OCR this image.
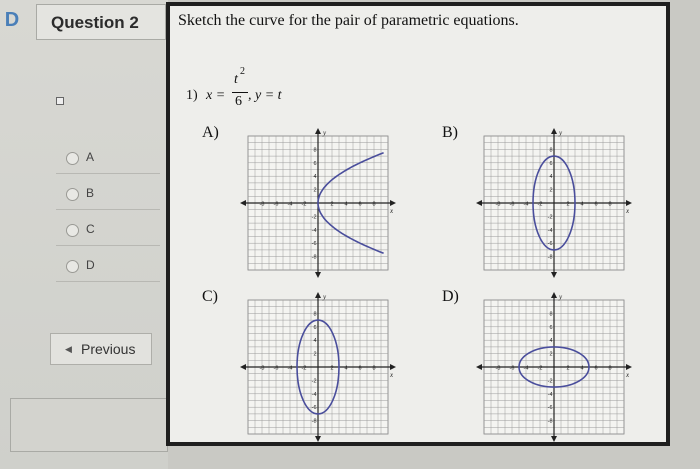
D Question 2
A
B
C
D
◀ Previous
Sketch the curve for the pair of parametric equations.
1) x =
t
2
6 , y = t
A)	B)
C)	D)
x
y
-8 -6 -4 -2	2 4 6 8
8
6
4
2
-2
-4
-6
-8
x
y
-8 -6 -4 -2	2 4 6 8
8
6
4
2
-2
-4
-6
-8
x
y
-8 -6 -4 -2	2 4 6 8
8
6
4
2
-2
-4
-6
-8
x
y
-8 -6 -4 -2	2 4 6 8
8
6
4
2
-2
-4
-6
-8
